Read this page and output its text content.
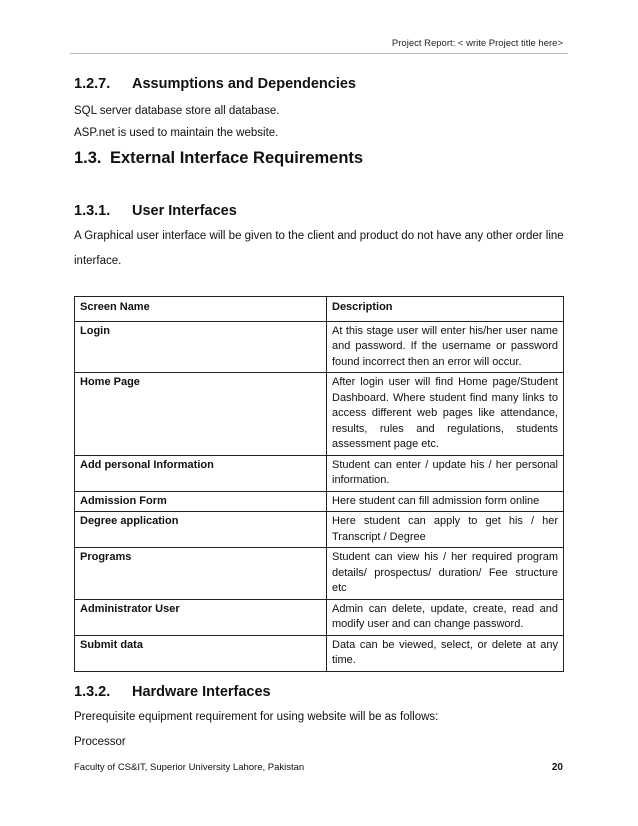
Project Report: < write Project title here>
1.2.7. Assumptions and Dependencies
SQL server database store all database.
ASP.net is used to maintain the website.
1.3. External Interface Requirements
1.3.1. User Interfaces
A Graphical user interface will be given to the client and product do not have any other order line
interface.
Screen Name	Description
Login	At this stage user will enter his/her user name and password. If the username or password found incorrect then an error will occur.
Home Page	After login user will find Home page/Student Dashboard. Where student find many links to access different web pages like attendance, results, rules and regulations, students assessment page etc.
Add personal Information	Student can enter / update his / her personal information.
Admission Form	Here student can fill admission form online
Degree application	Here student can apply to get his / her Transcript / Degree
Programs	Student can view his / her required program details/ prospectus/ duration/ Fee structure etc
Administrator User	Admin can delete, update, create, read and modify user and can change password.
Submit data	Data can be viewed, select, or delete at any time.
1.3.2. Hardware Interfaces
Prerequisite equipment requirement for using website will be as follows:
Processor
Faculty of CS&IT, Superior University Lahore, Pakistan	20
